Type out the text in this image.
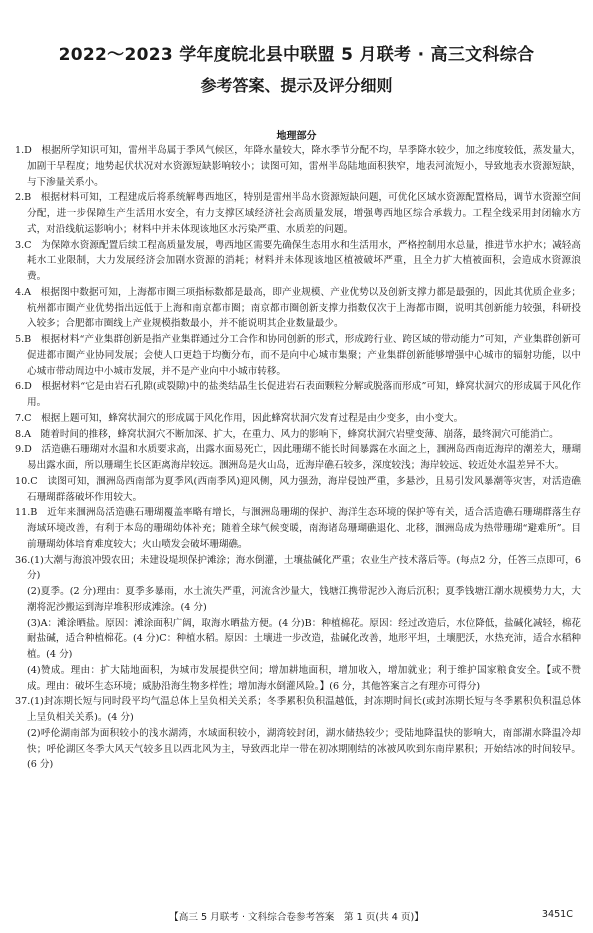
2022～2023 学年度皖北县中联盟 5 月联考 · 高三文科综合
参考答案、提示及评分细则
地理部分

1.D　根据所学知识可知，雷州半岛属于季风气候区，年降水量较大，降水季节分配不均，旱季降水较少，加之纬度较低，蒸发量大，加剧干旱程度；地势起伏状况对水资源短缺影响较小；读图可知，雷州半岛陆地面积狭窄，地表河流短小，导致地表水资源短缺，与下渗量关系小。

2.B　根据材料可知，工程建成后将系统解粤西地区，特别是雷州半岛水资源短缺问题，可优化区域水资源配置格局，调节水资源空间分配，进一步保障生产生活用水安全，有力支撑区域经济社会高质量发展，增强粤西地区综合承载力。工程全线采用封闭输水方式，对沿线航运影响小；材料中并未体现该地区水污染严重、水质差的问题。

3.C　为保障水资源配置后续工程高质量发展，粤西地区需要先确保生态用水和生活用水，严格控制用水总量，推进节水护水；减轻高耗水工业限制，大力发展经济会加剧水资源的消耗；材料并未体现该地区植被破坏严重，且全力扩大植被面积，会造成水资源浪费。

4.A　根据图中数据可知，上海都市圈三项指标数都是最高，即产业规模、产业优势以及创新支撑力都是最强的，因此其优质企业多；杭州都市圈产业优势指出远低于上海和南京都市圈；南京都市圈创新支撑力指数仅次于上海都市圈，说明其创新能力较强，科研投入较多；合肥都市圈线上产业规模指数最小，并不能说明其企业数量最少。

5.B　根据材料“产业集群创新是指产业集群通过分工合作和协同创新的形式，形成跨行业、跨区域的带动能力”可知，产业集群创新可促进都市圈产业协同发展；会使人口更趋于均衡分布，而不是向中心城市集聚；产业集群创新能够增强中心城市的辐射功能，以中心城市带动周边中小城市发展，并不是产业向中小城市转移。

6.D　根据材料“它是由岩石孔隙(或裂隙)中的盐类结晶生长促进岩石表面颗粒分解或脱落而形成”可知，蜂窝状洞穴的形成属于风化作用。

7.C　根据上题可知，蜂窝状洞穴的形成属于风化作用，因此蜂窝状洞穴发育过程是由少变多，由小变大。

8.A　随着时间的推移，蜂窝状洞穴不断加深、扩大，在重力、风力的影响下，蜂窝状洞穴岩壁变薄、崩落，最终洞穴可能消亡。

9.D　活造礁石珊瑚对水温和水质要求高，出露水面易死亡，因此珊瑚不能长时间暴露在水面之上，涠洲岛西南近海岸的潮差大，珊瑚易出露水面，所以珊瑚生长区距离海岸较远。涠洲岛是火山岛，近海岸礁石较多，深度较浅；海岸较远、较近处水温差异不大。

10.C　读图可知，涠洲岛西南部为夏季风(西南季风)迎风侧，风力强劲，海岸侵蚀严重，多悬沙，且易引发风暴潮等灾害，对活造礁石珊瑚群落破坏作用较大。

11.B　近年来涠洲岛活造礁石珊瑚覆盖率略有增长，与涠洲岛珊瑚的保护、海洋生态环境的保护等有关，适合活造礁石珊瑚群落生存海域环境改善，有利于本岛的珊瑚幼体补充；随着全球气候变暖，南海诸岛珊瑚礁退化、北移，涠洲岛成为热带珊瑚“避难所”。目前珊瑚幼体培育难度较大；火山喷发会破坏珊瑚礁。

36.(1)大潮与海浪冲毁农田；未建设堤坝保护滩涂；海水倒灌，土壤盐碱化严重；农业生产技术落后等。(每点2 分，任答三点即可，6 分)

(2)夏季。(2 分)理由：夏季多暴雨，水土流失严重，河流含沙量大，钱塘江携带泥沙入海后沉积；夏季钱塘江潮水规模势力大，大潮将泥沙搬运到海岸堆积形成滩涂。(4 分)

(3)A：滩涂晒盐。原因：滩涂面积广阔，取海水晒盐方便。(4 分)B：种植棉花。原因：经过改造后，水位降低，盐碱化减轻，棉花耐盐碱，适合种植棉花。(4 分)C：种植水稻。原因：土壤进一步改造，盐碱化改善，地形平坦，土壤肥沃，水热充沛，适合水稻种植。(4 分)

(4)赞成。理由：扩大陆地面积，为城市发展提供空间；增加耕地面积，增加收入，增加就业；利于维护国家粮食安全。【或不赞成。理由：破坏生态环境；威胁沿海生物多样性；增加海水倒灌风险。】(6 分，其他答案言之有理亦可得分)

37.(1)封冻期长短与同时段平均气温总体上呈负相关关系；冬季累积负积温越低，封冻期时间长(或封冻期长短与冬季累积负积温总体上呈负相关关系)。(4 分)

(2)呼伦湖南部为面积较小的浅水湖湾，水域面积较小，湖湾较封闭，湖水储热较少；受陆地降温快的影响大，南部湖水降温冷却快；呼伦湖区冬季大风天气较多且以西北风为主，导致西北岸一带在初冰期刚结的冰被风吹到东南岸累积；开始结冰的时间较早。(6 分)

【高三 5 月联考 · 文科综合卷参考答案　第 1 页(共 4 页)】	3451C
